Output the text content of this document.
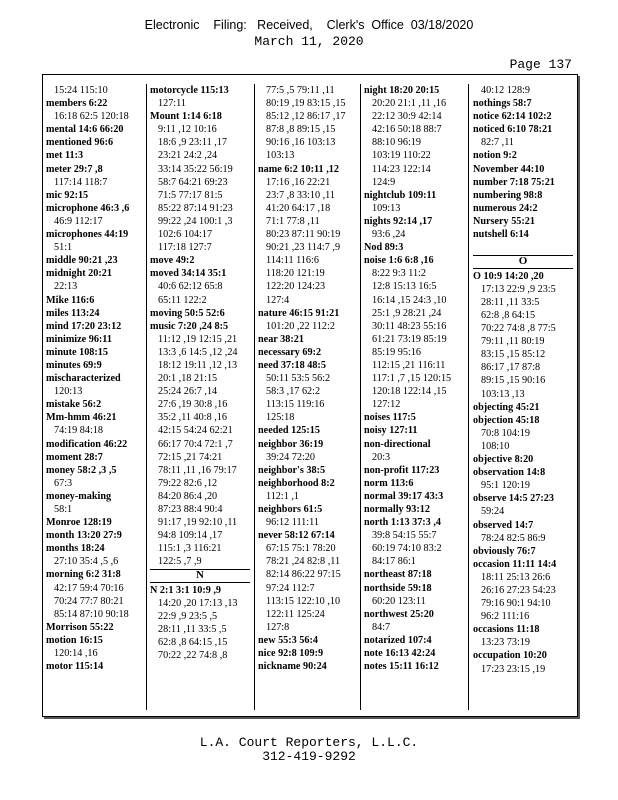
Electronic    Filing:   Received,    Clerk's  Office  03/18/2020
March 11, 2020
Page 137
15:24 115:10
members 6:22
16:18 62:5 120:18
mental 14:6 66:20
mentioned 96:6
met 11:3
meter 29:7 ,8
117:14 118:7
mic 92:15
microphone 46:3 ,6
46:9 112:17
microphones 44:19
51:1
middle 90:21 ,23
midnight 20:21
22:13
Mike 116:6
miles 113:24
mind 17:20 23:12
minimize 96:11
minute 108:15
minutes 69:9
mischaracterized
120:13
mistake 56:2
Mm-hmm 46:21
74:19 84:18
modification 46:22
moment 28:7
money 58:2 ,3 ,5
67:3
money-making
58:1
Monroe 128:19
month 13:20 27:9
months 18:24
27:10 35:4 ,5 ,6
morning 6:2 31:8
42:17 59:4 70:16
70:24 77:7 80:21
85:14 87:10 90:18
Morrison 55:22
motion 16:15
120:14 ,16
motor 115:14
motorcycle 115:13
127:11
Mount 1:14 6:18
9:11 ,12 10:16
18:6 ,9 23:11 ,17
23:21 24:2 ,24
33:14 35:22 56:19
58:7 64:21 69:23
71:5 77:17 81:5
85:22 87:14 91:23
99:22 ,24 100:1 ,3
102:6 104:17
117:18 127:7
move 49:2
moved 34:14 35:1
40:6 62:12 65:8
65:11 122:2
moving 50:5 52:6
music 7:20 ,24 8:5
11:12 ,19 12:15 ,21
13:3 ,6 14:5 ,12 ,24
18:12 19:11 ,12 ,13
20:1 ,18 21:15
25:24 26:7 ,14
27:6 ,19 30:8 ,16
35:2 ,11 40:8 ,16
42:15 54:24 62:21
66:17 70:4 72:1 ,7
72:15 ,21 74:21
78:11 ,11 ,16 79:17
79:22 82:6 ,12
84:20 86:4 ,20
87:23 88:4 90:4
91:17 ,19 92:10 ,11
94:8 109:14 ,17
115:1 ,3 116:21
122:5 ,7 ,9
N
N 2:1 3:1 10:9 ,9
14:20 ,20 17:13 ,13
22:9 ,9 23:5 ,5
28:11 ,11 33:5 ,5
62:8 ,8 64:15 ,15
70:22 ,22 74:8 ,8
77:5 ,5 79:11 ,11
80:19 ,19 83:15 ,15
85:12 ,12 86:17 ,17
87:8 ,8 89:15 ,15
90:16 ,16 103:13
103:13
name 6:2 10:11 ,12
17:16 ,16 22:21
23:7 ,8 33:10 ,11
41:20 64:17 ,18
71:1 77:8 ,11
80:23 87:11 90:19
90:21 ,23 114:7 ,9
114:11 116:6
118:20 121:19
122:20 124:23
127:4
nature 46:15 91:21
101:20 ,22 112:2
near 38:21
necessary 69:2
need 37:18 48:5
50:11 53:5 56:2
58:3 ,17 62:2
113:15 119:16
125:18
needed 125:15
neighbor 36:19
39:24 72:20
neighbor's 38:5
neighborhood 8:2
112:1 ,1
neighbors 61:5
96:12 111:11
never 58:12 67:14
67:15 75:1 78:20
78:21 ,24 82:8 ,11
82:14 86:22 97:15
97:24 112:7
113:15 122:10 ,10
122:11 125:24
127:8
new 55:3 56:4
nice 92:8 109:9
nickname 90:24
night 18:20 20:15
20:20 21:1 ,11 ,16
22:12 30:9 42:14
42:16 50:18 88:7
88:10 96:19
103:19 110:22
114:23 122:14
124:9
nightclub 109:11
109:13
nights 92:14 ,17
93:6 ,24
Nod 89:3
noise 1:6 6:8 ,16
8:22 9:3 11:2
12:8 15:13 16:5
16:14 ,15 24:3 ,10
25:1 ,9 28:21 ,24
30:11 48:23 55:16
61:21 73:19 85:19
85:19 95:16
112:15 ,21 116:11
117:1 ,7 ,15 120:15
120:18 122:14 ,15
127:12
noises 117:5
noisy 127:11
non-directional
20:3
non-profit 117:23
norm 113:6
normal 39:17 43:3
normally 93:12
north 1:13 37:3 ,4
39:8 54:15 55:7
60:19 74:10 83:2
84:17 86:1
northeast 87:18
northside 59:18
60:20 123:11
northwest 25:20
84:7
notarized 107:4
note 16:13 42:24
notes 15:11 16:12
40:12 128:9
nothings 58:7
notice 62:14 102:2
noticed 6:10 78:21
82:7 ,11
notion 9:2
November 44:10
number 7:18 75:21
numbering 98:8
numerous 24:2
Nursery 55:21
nutshell 6:14
O
O 10:9 14:20 ,20
17:13 22:9 ,9 23:5
28:11 ,11 33:5
62:8 ,8 64:15
70:22 74:8 ,8 77:5
79:11 ,11 80:19
83:15 ,15 85:12
86:17 ,17 87:8
89:15 ,15 90:16
103:13 ,13
objecting 45:21
objection 45:18
70:8 104:19
108:10
objective 8:20
observation 14:8
95:1 120:19
observe 14:5 27:23
59:24
observed 14:7
78:24 82:5 86:9
obviously 76:7
occasion 11:11 14:4
18:11 25:13 26:6
26:16 27:23 54:23
79:16 90:1 94:10
96:2 111:16
occasions 11:18
13:23 73:19
occupation 10:20
17:23 23:15 ,19
L.A. Court Reporters, L.L.C.
312-419-9292
